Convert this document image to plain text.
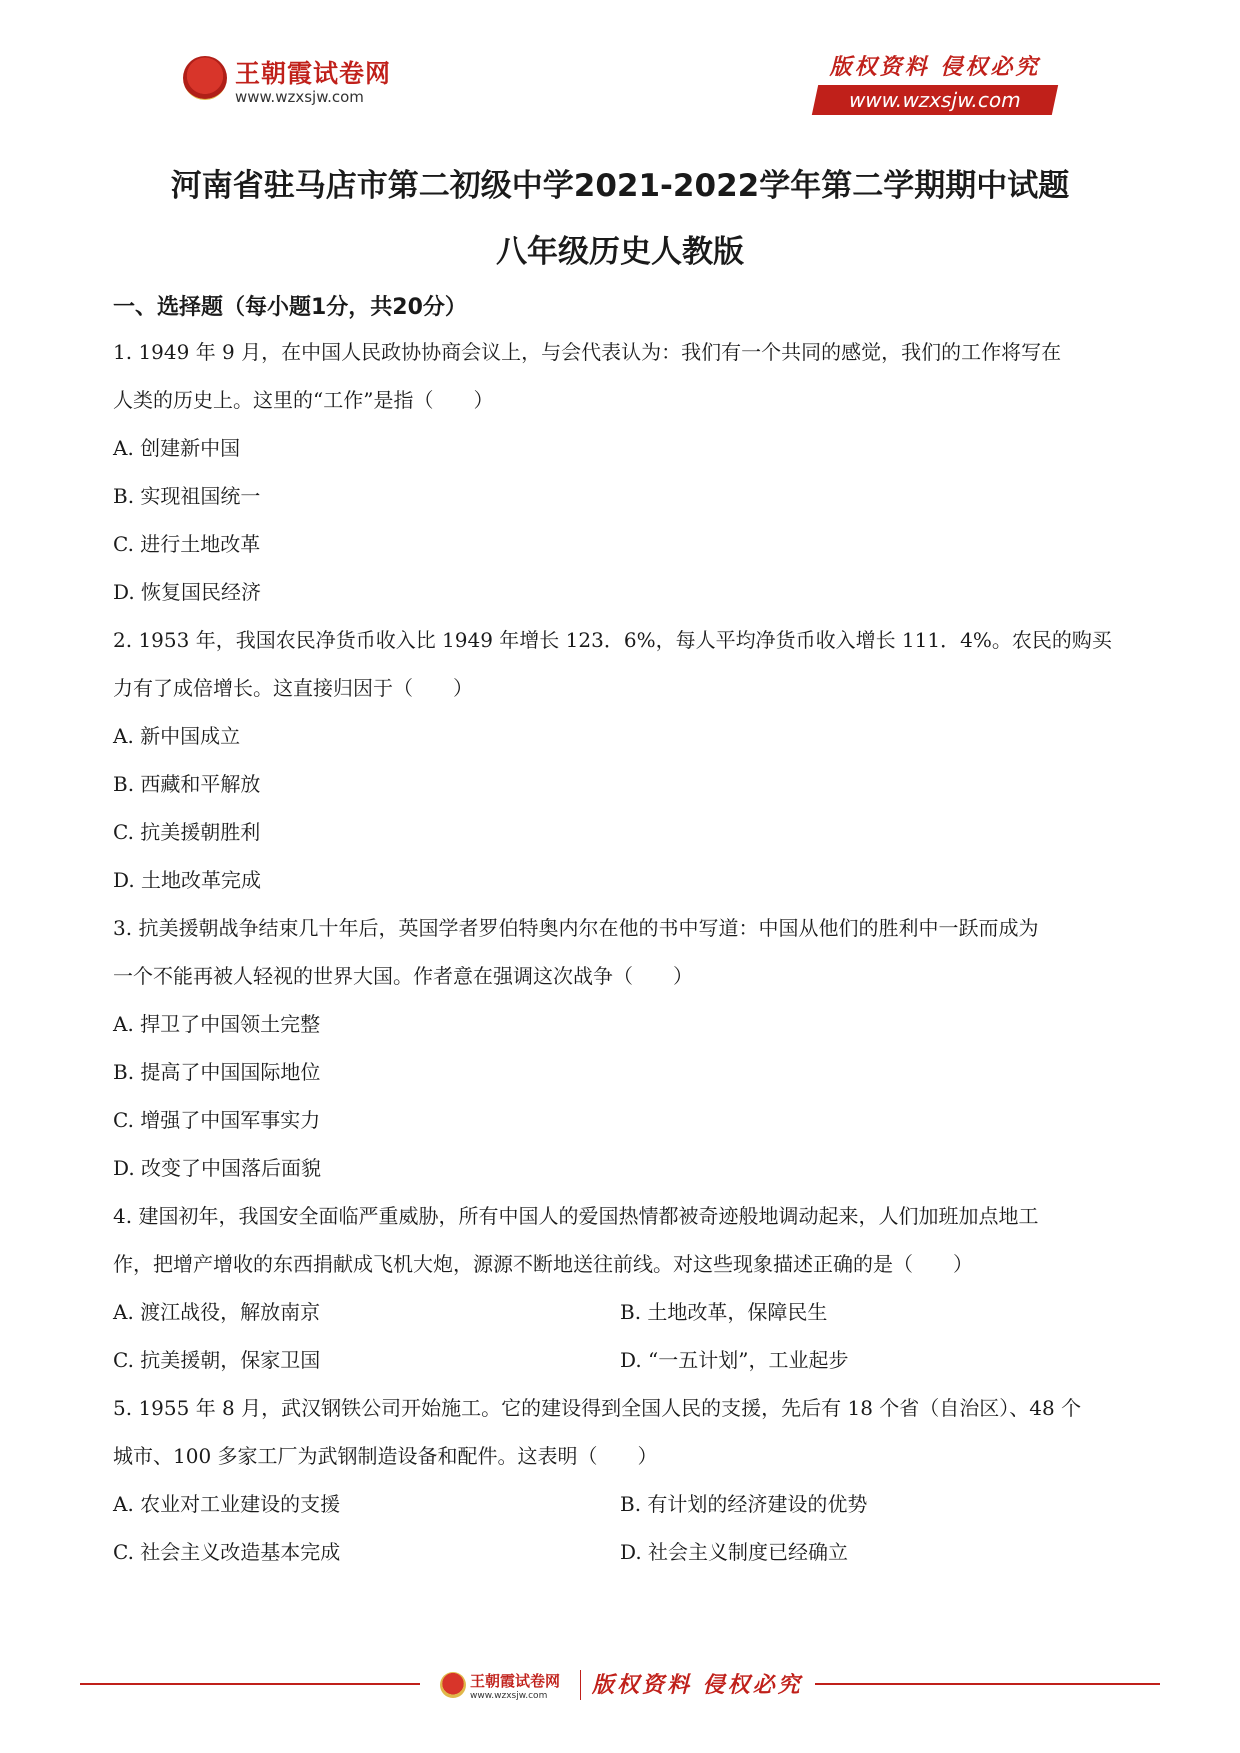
王朝霞试卷网
www.wzxsjw.com
版权资料 侵权必究
www.wzxsjw.com
河南省驻马店市第二初级中学2021-2022学年第二学期期中试题
八年级历史人教版
一、选择题（每小题1分，共20分）
1. 1949 年 9 月，在中国人民政协协商会议上，与会代表认为：我们有一个共同的感觉，我们的工作将写在
人类的历史上。这里的“工作”是指（　　）
A. 创建新中国
B. 实现祖国统一
C. 进行土地改革
D. 恢复国民经济
2. 1953 年，我国农民净货币收入比 1949 年增长 123．6%，每人平均净货币收入增长 111．4%。农民的购买
力有了成倍增长。这直接归因于（　　）
A. 新中国成立
B. 西藏和平解放
C. 抗美援朝胜利
D. 土地改革完成
3. 抗美援朝战争结束几十年后，英国学者罗伯特奥内尔在他的书中写道：中国从他们的胜利中一跃而成为
一个不能再被人轻视的世界大国。作者意在强调这次战争（　　）
A. 捍卫了中国领土完整
B. 提高了中国国际地位
C. 增强了中国军事实力
D. 改变了中国落后面貌
4. 建国初年，我国安全面临严重威胁，所有中国人的爱国热情都被奇迹般地调动起来，人们加班加点地工
作，把增产增收的东西捐献成飞机大炮，源源不断地送往前线。对这些现象描述正确的是（　　）
A. 渡江战役，解放南京	B. 土地改革，保障民生
C. 抗美援朝，保家卫国	D. “一五计划”，工业起步
5. 1955 年 8 月，武汉钢铁公司开始施工。它的建设得到全国人民的支援，先后有 18 个省（自治区）、48 个
城市、100 多家工厂为武钢制造设备和配件。这表明（　　）
A. 农业对工业建设的支援	B. 有计划的经济建设的优势
C. 社会主义改造基本完成	D. 社会主义制度已经确立
王朝霞试卷网
www.wzxsjw.com 版权资料 侵权必究
